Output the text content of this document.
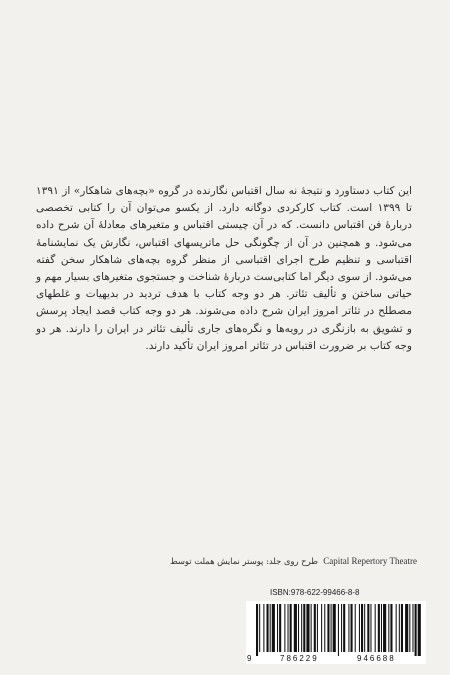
این کتاب دستاورد و نتیجهٔ نه سال اقتباس نگارنده در گروه «بچه‌های شاهکار» از ۱۳۹۱ تا ۱۳۹۹ است. کتاب کارکردی دوگانه دارد. از یکسو می‌توان آن را کتابی تخصصی دربارهٔ فن اقتباس دانست. که در آن چیستی اقتباس و متغیرهای معادلهٔ آن شرح داده می‌شود. و همچنین در آن از چگونگی حل ماتریسهای اقتباس، نگارش یک نمایشنامهٔ اقتباسی و تنظیم طرح اجرای اقتباسی از منظر گروه بچه‌های شاهکار سخن گفته می‌شود. از سوی دیگر اما کتابی‌ست دربارهٔ شناخت و جستجوی متغیرهای بسیار مهم و حیاتی ساختن و تألیف تئاتر. هر دو وجه کتاب با هدف تردید در بدیهیات و غلطهای مصطلح در تئاتر امروز ایران شرح داده می‌شوند. هر دو وجه کتاب قصد ایجاد پرسش و تشویق به بازنگری در رویه‌ها و نگره‌های جاری تألیف تئاتر در ایران را دارند. هر دو وجه کتاب بر ضرورت اقتباس در تئاتر امروز ایران تأکید دارند.

طرح روی جلد: پوستر نمایش هملت توسط Capital Repertory Theatre
ISBN:978-622-99466-8-8
9	786229	946688
